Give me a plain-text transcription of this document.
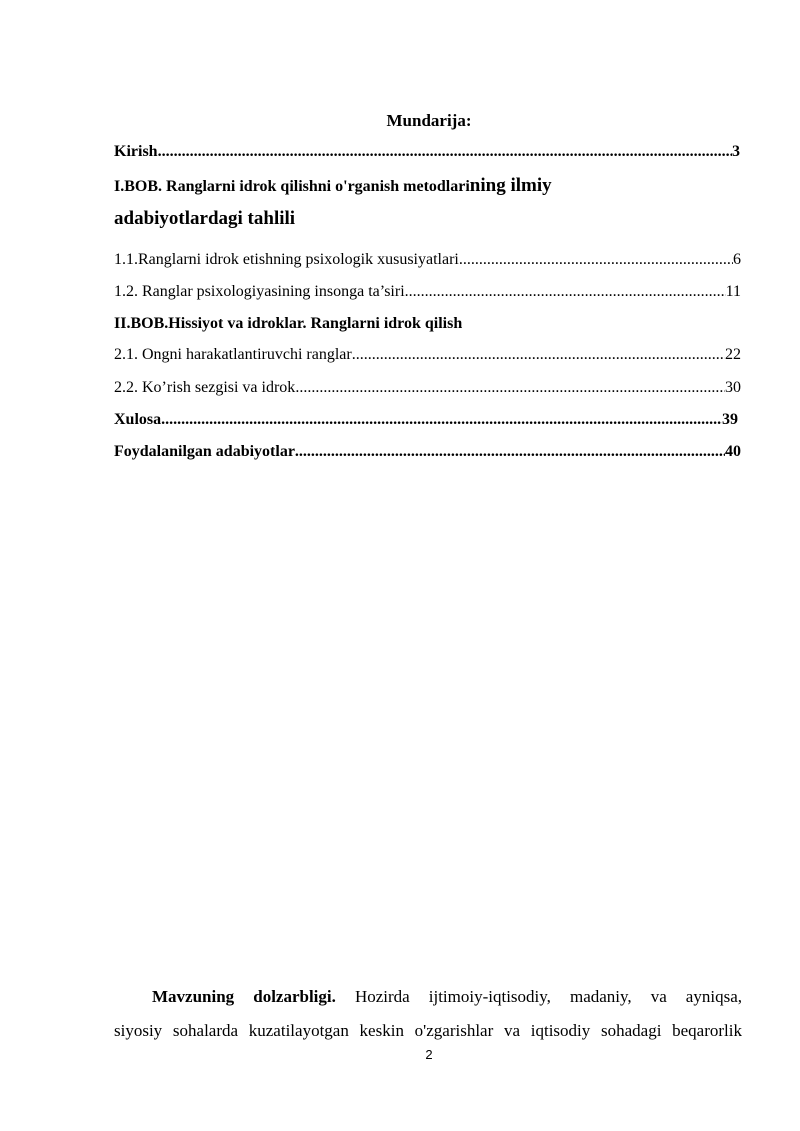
Mundarija:
Kirish .....	3
I.BOB. Ranglarni idrok qilishni o'rganish metodlarining ilmiy
adabiyotlardagi tahlili
1.1.Ranglarni idrok etishning psixologik xususiyatlari .....	6
1.2. Ranglar psixologiyasining insonga ta’siri .....	11
II.BOB.Hissiyot va idroklar. Ranglarni idrok qilish
2.1. Ongni harakatlantiruvchi ranglar .....	22
2.2. Ko’rish sezgisi va idrok .....	30
Xulosa .....	39
Foydalanilgan adabiyotlar .....	40
Mavzuning dolzarbligi. Hozirda ijtimoiy-iqtisodiy, madaniy, va ayniqsa,
siyosiy sohalarda kuzatilayotgan keskin o'zgarishlar va iqtisodiy sohadagi beqarorlik
2
